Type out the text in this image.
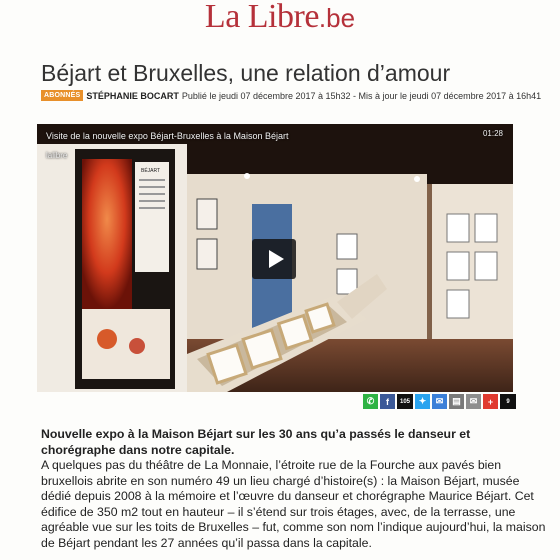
La Libre.be
Béjart et Bruxelles, une relation d’amour
ABONNÉS STÉPHANIE BOCART Publié le jeudi 07 décembre 2017 à 15h32 - Mis à jour le jeudi 07 décembre 2017 à 16h41
BÉJART
Visite de la nouvelle expo Béjart-Bruxelles à la Maison Béjart
lalibre
01:28
✆ f	105 ✦ ✉ ▤ ✉ +	9

Nouvelle expo à la Maison Béjart sur les 30 ans qu’a passés le danseur et chorégraphe dans notre capitale.

A quelques pas du théâtre de La Monnaie, l’étroite rue de la Fourche aux pavés bien bruxellois abrite en son numéro 49 un lieu chargé d’histoire(s) : la Maison Béjart, musée dédié depuis 2008 à la mémoire et l’œuvre du danseur et chorégraphe Maurice Béjart. Cet édifice de 350 m2 tout en hauteur – il s’étend sur trois étages, avec, de la terrasse, une agréable vue sur les toits de Bruxelles – fut, comme son nom l’indique aujourd’hui, la maison de Béjart pendant les 27 années qu’il passa dans la capitale.
